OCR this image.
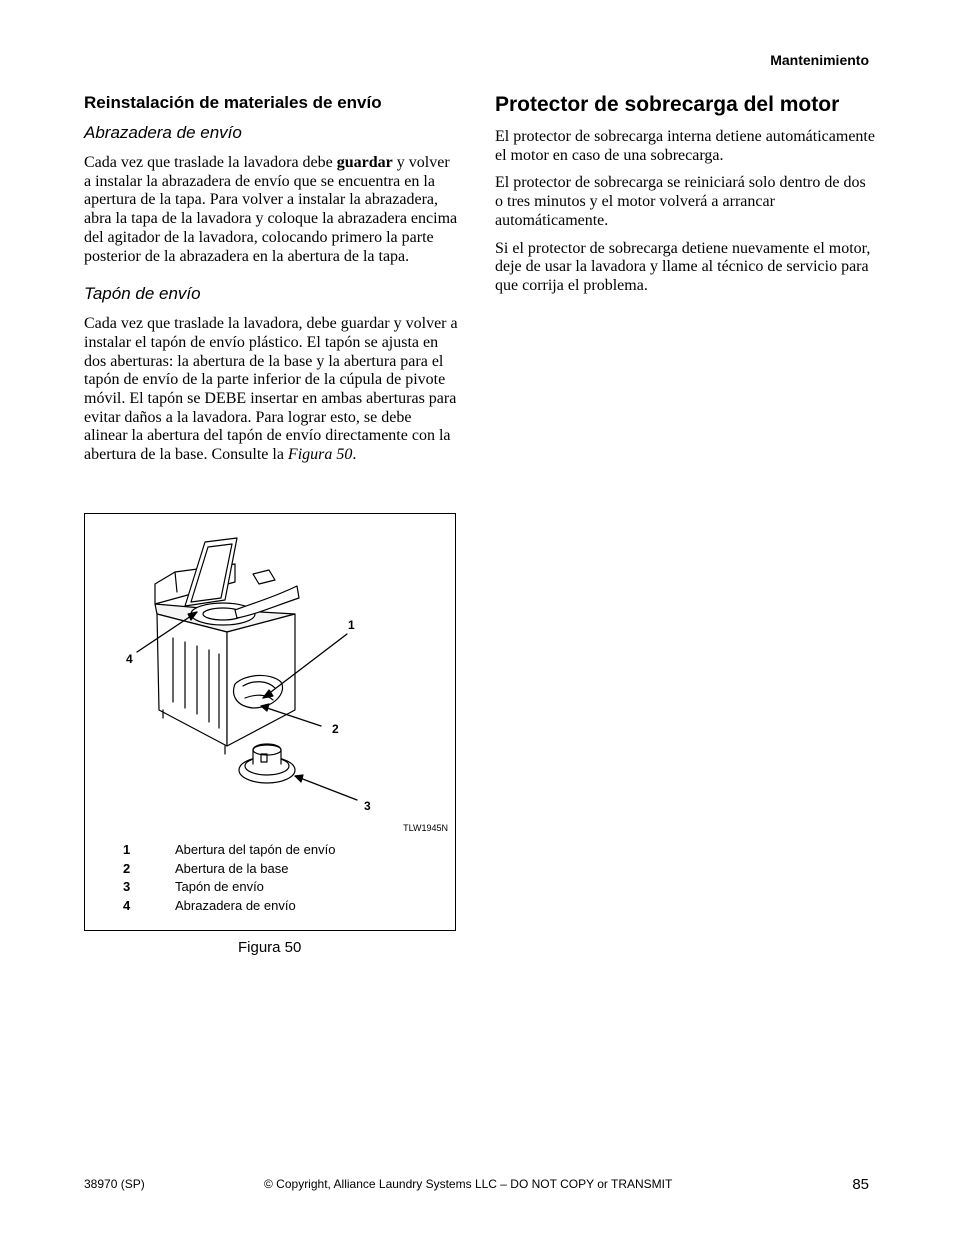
Mantenimiento
Reinstalación de materiales de envío
Abrazadera de envío

Cada vez que traslade la lavadora debe guardar y volver a instalar la abrazadera de envío que se encuentra en la apertura de la tapa. Para volver a instalar la abrazadera, abra la tapa de la lavadora y coloque la abrazadera encima del agitador de la lavadora, colocando primero la parte posterior de la abrazadera en la abertura de la tapa.

Tapón de envío

Cada vez que traslade la lavadora, debe guardar y volver a instalar el tapón de envío plástico. El tapón se ajusta en dos aberturas: la abertura de la base y la abertura para el tapón de envío de la parte inferior de la cúpula de pivote móvil. El tapón se DEBE insertar en ambas aberturas para evitar daños a la lavadora. Para lograr esto, se debe alinear la abertura del tapón de envío directamente con la abertura de la base. Consulte la Figura 50.

1
2
3
4
TLW1945N
1	Abertura del tapón de envío
2	Abertura de la base
3	Tapón de envío
4	Abrazadera de envío
Figura 50
Protector de sobrecarga del motor

El protector de sobrecarga interna detiene automáticamente el motor en caso de una sobrecarga.

El protector de sobrecarga se reiniciará solo dentro de dos o tres minutos y el motor volverá a arrancar automáticamente.

Si el protector de sobrecarga detiene nuevamente el motor, deje de usar la lavadora y llame al técnico de servicio para que corrija el problema.

38970 (SP)	© Copyright, Alliance Laundry Systems LLC – DO NOT COPY or TRANSMIT	85
